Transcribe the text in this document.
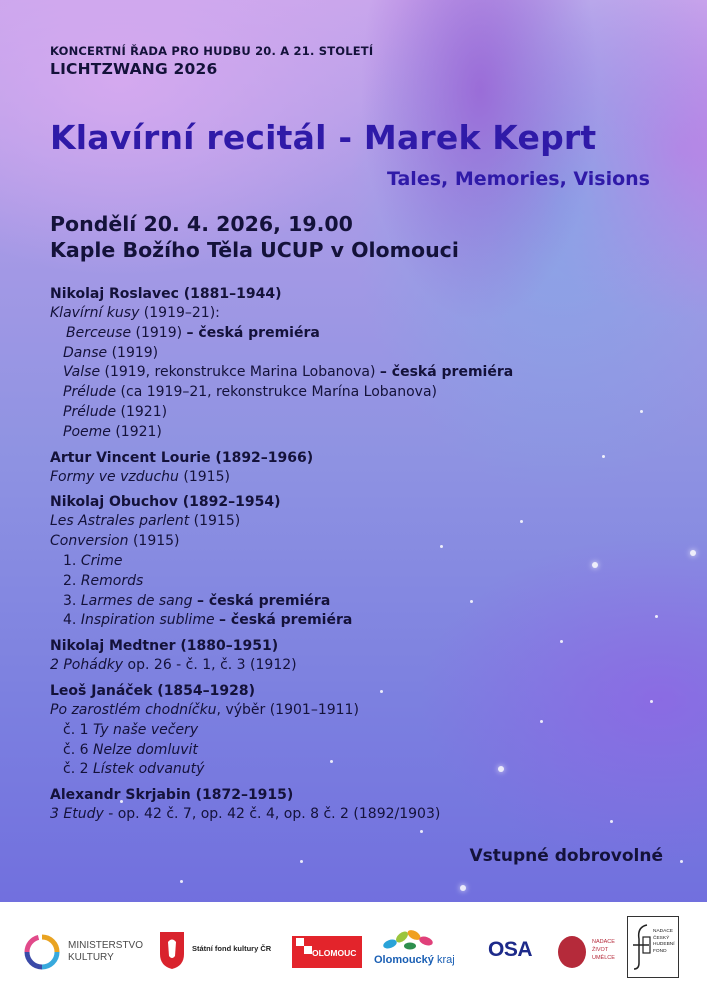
KONCERTNÍ ŘADA PRO HUDBU 20. A 21. STOLETÍ
LICHTZWANG 2026
Klavírní recitál - Marek Keprt
Tales, Memories, Visions
Pondělí 20. 4. 2026, 19.00
Kaple Božího Těla UCUP v Olomouci
Nikolaj Roslavec (1881–1944)
Klavírní kusy (1919–21):
Berceuse (1919) – česká premiéra
Danse (1919)
Valse (1919, rekonstrukce Marina Lobanova) – česká premiéra
Prélude (ca 1919–21, rekonstrukce Marína Lobanova)
Prélude (1921)
Poeme (1921)
Artur Vincent Lourie (1892–1966)
Formy ve vzduchu (1915)
Nikolaj Obuchov (1892–1954)
Les Astrales parlent (1915)
Conversion (1915)
1. Crime
2. Remords
3. Larmes de sang – česká premiéra
4. Inspiration sublime – česká premiéra
Nikolaj Medtner (1880–1951)
2 Pohádky op. 26 - č. 1, č. 3 (1912)
Leoš Janáček (1854–1928)
Po zarostlém chodníčku, výběr (1901–1911)
č. 1 Ty naše večery
č. 6 Nelze domluvit
č. 2 Lístek odvanutý
Alexandr Skrjabin (1872–1915)
3 Etudy - op. 42 č. 7, op. 42 č. 4, op. 8 č. 2 (1892/1903)
Vstupné dobrovolné
MINISTERSTVO
KULTURY
Státní fond kultury ČR	OLOMOUC
Olomoucký kraj OSA	NADACE
ŽIVOT
UMĚLCE
NADACE
ČESKÝ
HUDEBNÍ
FOND
